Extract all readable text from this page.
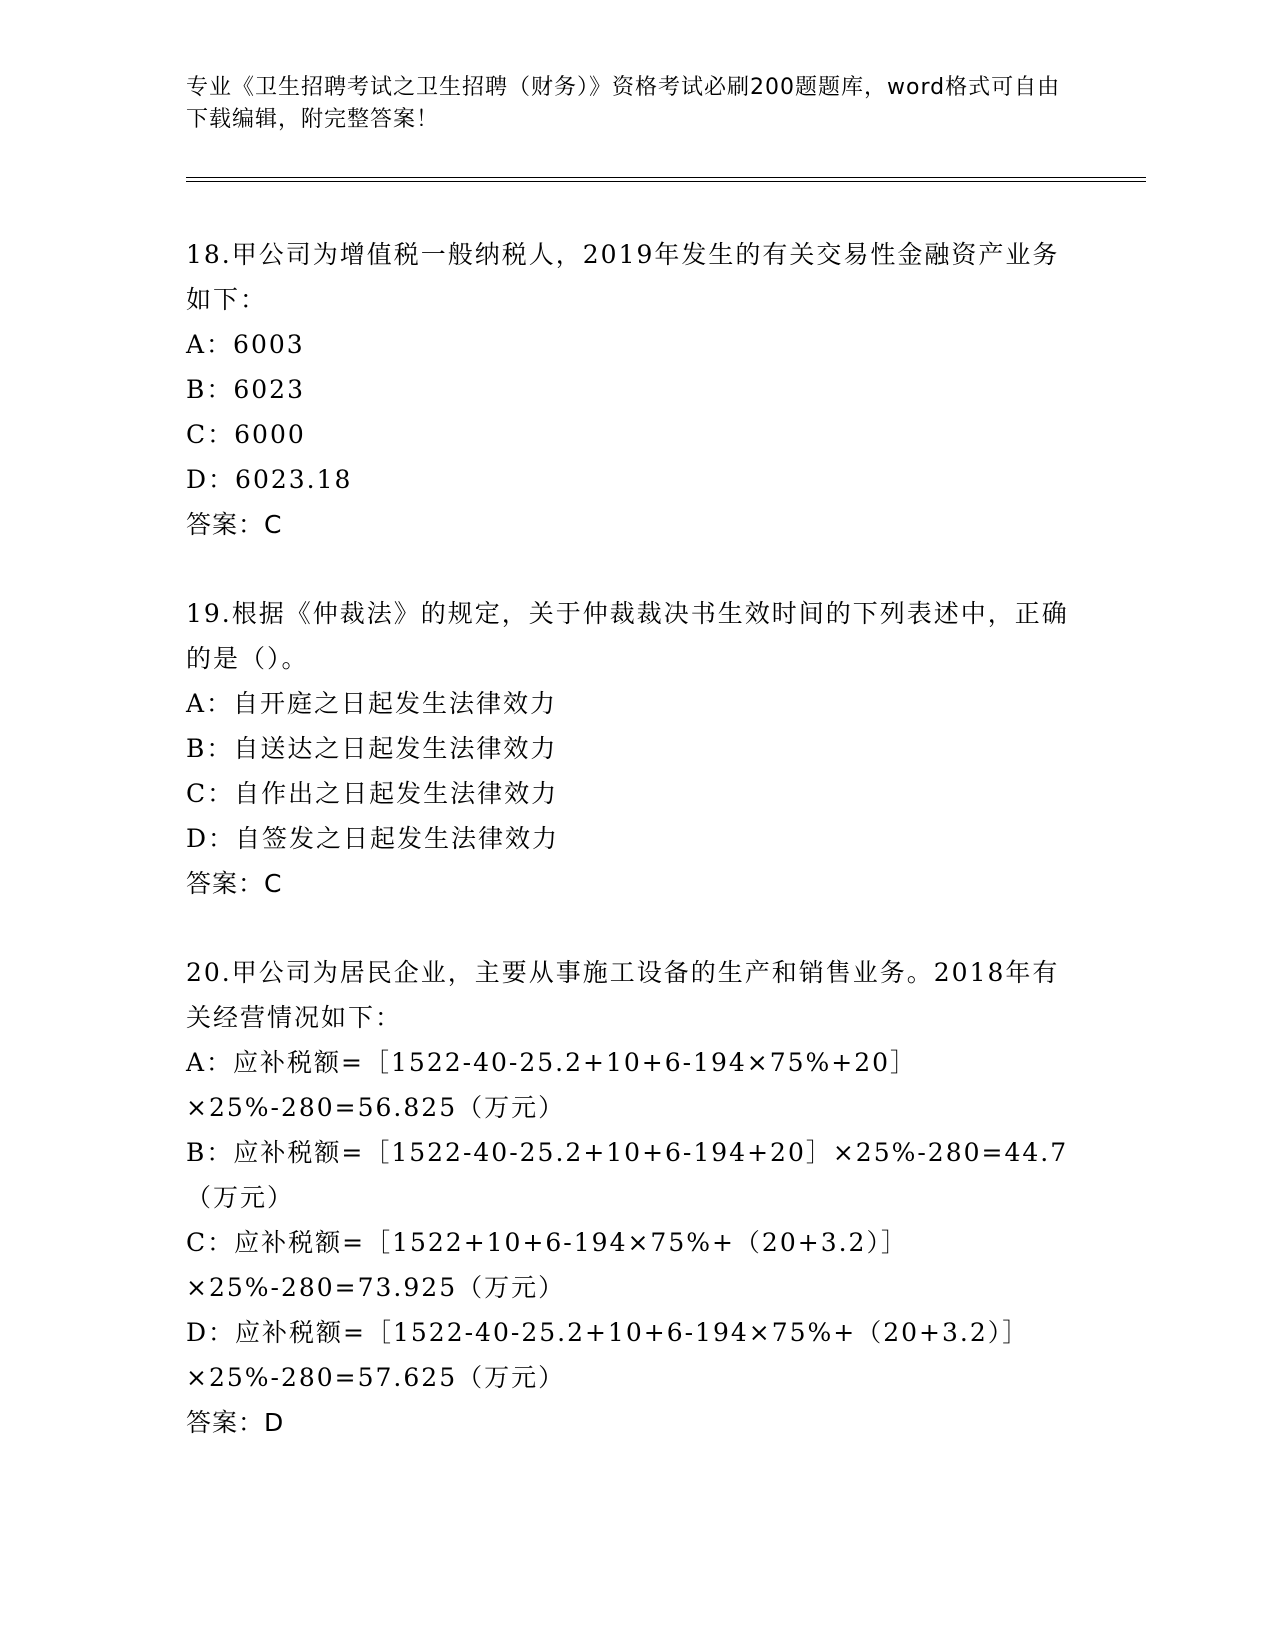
专业《卫生招聘考试之卫生招聘（财务）》资格考试必刷200题题库，word格式可自由下载编辑，附完整答案！

18.甲公司为增值税一般纳税人，2019年发生的有关交易性金融资产业务如下：

A：6003

B：6023

C：6000

D：6023.18

答案：C

19.根据《仲裁法》的规定，关于仲裁裁决书生效时间的下列表述中，正确的是（）。

A：自开庭之日起发生法律效力

B：自送达之日起发生法律效力

C：自作出之日起发生法律效力

D：自签发之日起发生法律效力

答案：C

20.甲公司为居民企业，主要从事施工设备的生产和销售业务。2018年有关经营情况如下：

A：应补税额=［1522-40-25.2+10+6-194×75%+20］×25%-280=56.825（万元）

B：应补税额=［1522-40-25.2+10+6-194+20］×25%-280=44.7（万元）

C：应补税额=［1522+10+6-194×75%+（20+3.2）］×25%-280=73.925（万元）

D：应补税额=［1522-40-25.2+10+6-194×75%+（20+3.2）］×25%-280=57.625（万元）

答案：D
